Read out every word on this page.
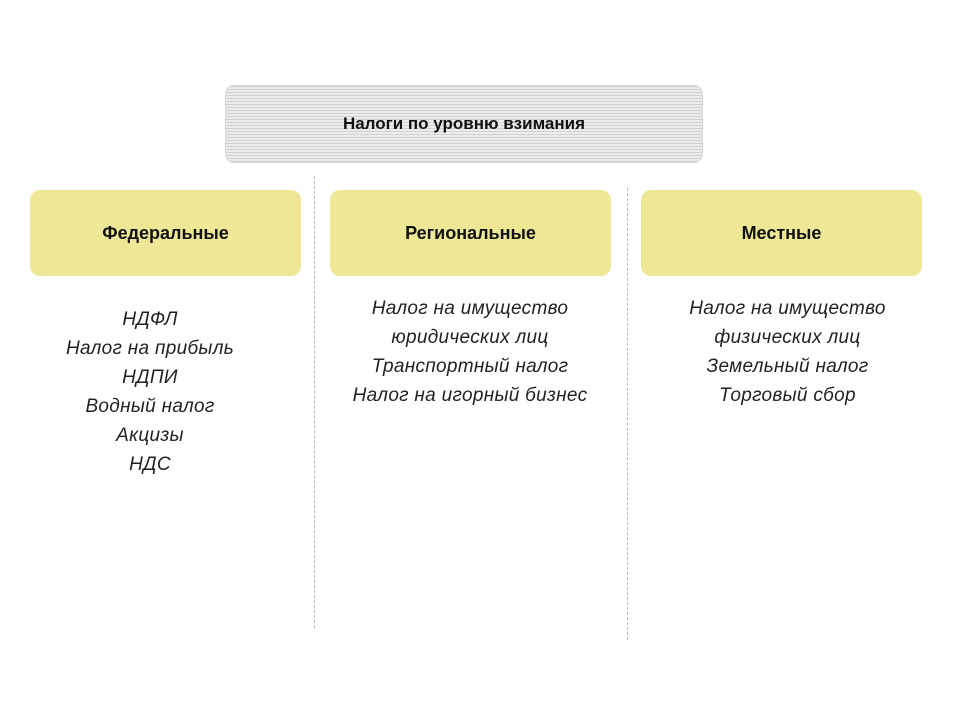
Налоги по уровню взимания
Федеральные	Региональные	Местные
НДФЛ
Налог на прибыль
НДПИ
Водный налог
Акцизы
НДС
Налог на имущество
юридических лиц
Транспортный налог
Налог на игорный бизнес
Налог на имущество
физических лиц
Земельный налог
Торговый сбор
